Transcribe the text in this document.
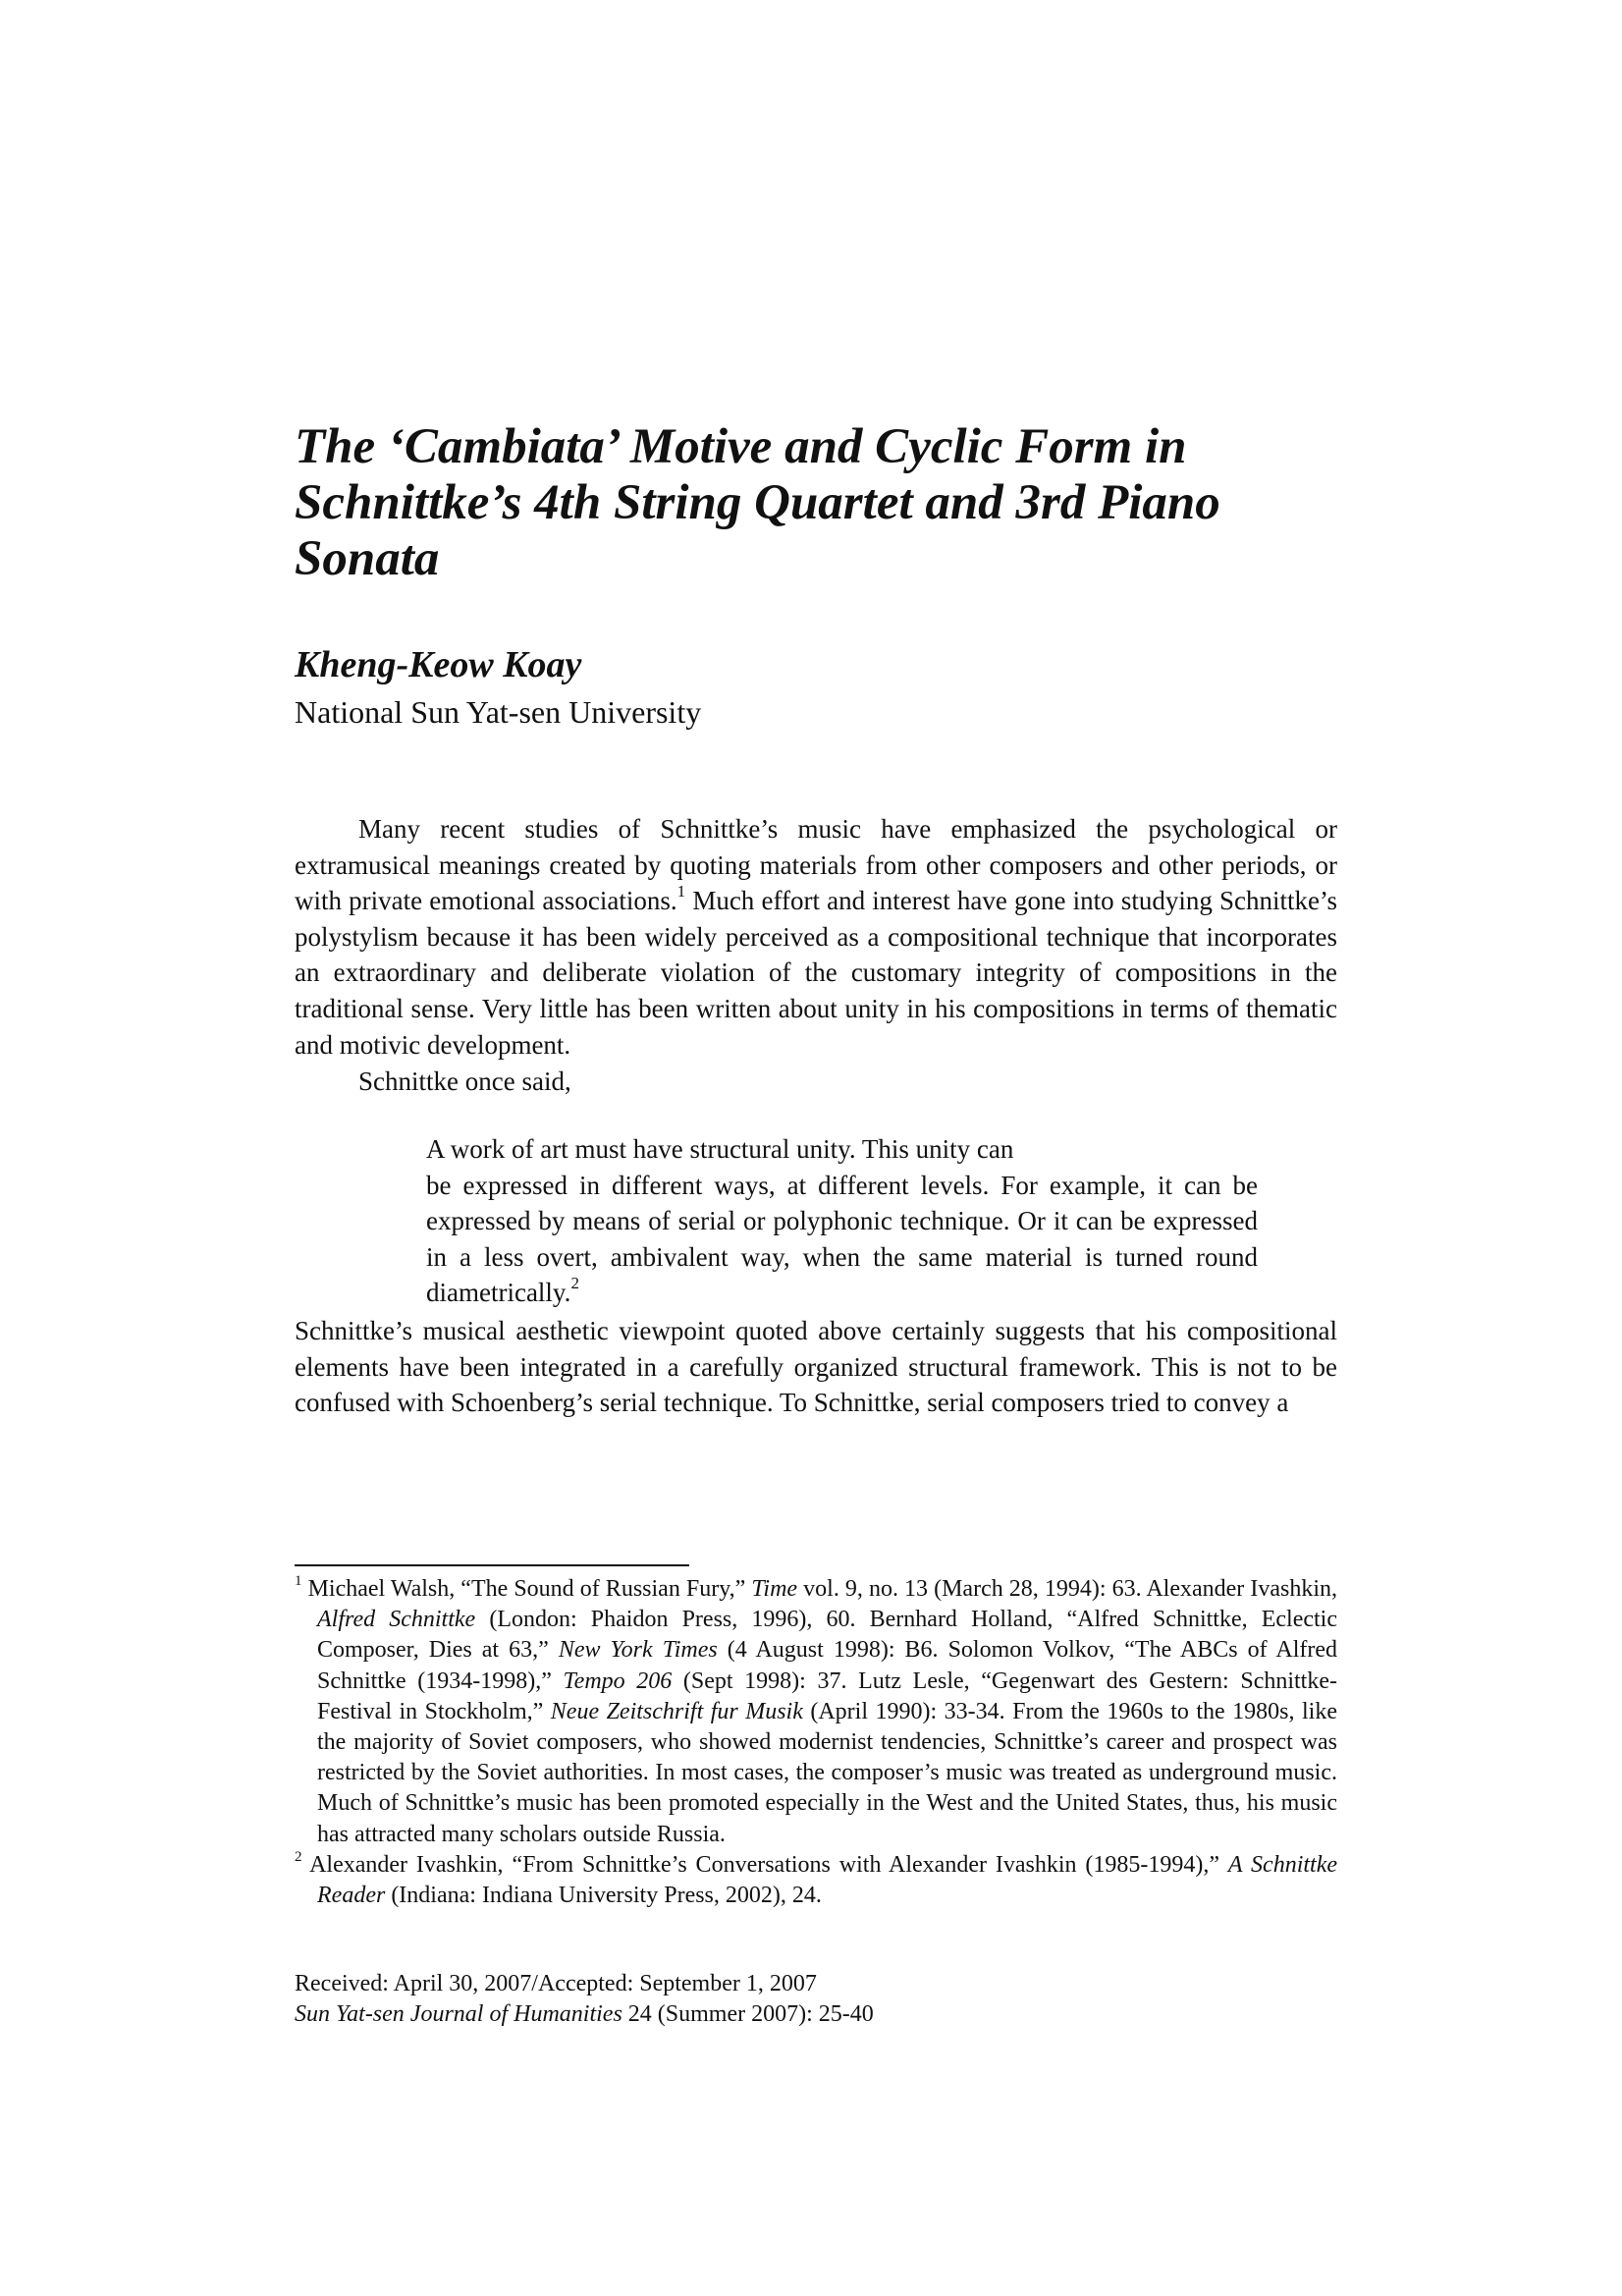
The ‘Cambiata’ Motive and Cyclic Form in
Schnittke’s 4th String Quartet and 3rd Piano
Sonata

Kheng-Keow Koay

National Sun Yat-sen University

Many recent studies of Schnittke’s music have emphasized the psychological or extramusical meanings created by quoting materials from other composers and other periods, or with private emotional associations.$^1$ Much effort and interest have gone into studying Schnittke’s polystylism because it has been widely perceived as a compositional technique that incorporates an extraordinary and deliberate violation of the customary integrity of compositions in the traditional sense. Very little has been written about unity in his compositions in terms of thematic and motivic development.

Schnittke once said,

A work of art must have structural unity. This unity can
be expressed in different ways, at different levels. For example, it can be expressed by means of serial or polyphonic technique. Or it can be expressed in a less overt, ambivalent way, when the same material is turned round diametrically.$^2$

Schnittke’s musical aesthetic viewpoint quoted above certainly suggests that his compositional elements have been integrated in a carefully organized structural framework. This is not to be confused with Schoenberg’s serial technique. To Schnittke, serial composers tried to convey a

$^1$ Michael Walsh, “The Sound of Russian Fury,” Time vol. 9, no. 13 (March 28, 1994): 63. Alexander Ivashkin, Alfred Schnittke (London: Phaidon Press, 1996), 60. Bernhard Holland, “Alfred Schnittke, Eclectic Composer, Dies at 63,” New York Times (4 August 1998): B6. Solomon Volkov, “The ABCs of Alfred Schnittke (1934-1998),” Tempo 206 (Sept 1998): 37. Lutz Lesle, “Gegenwart des Gestern: Schnittke-Festival in Stockholm,” Neue Zeitschrift fur Musik (April 1990): 33-34. From the 1960s to the 1980s, like the majority of Soviet composers, who showed modernist tendencies, Schnittke’s career and prospect was restricted by the Soviet authorities. In most cases, the composer’s music was treated as underground music. Much of Schnittke’s music has been promoted especially in the West and the United States, thus, his music has attracted many scholars outside Russia.

$^2$ Alexander Ivashkin, “From Schnittke’s Conversations with Alexander Ivashkin (1985-1994),” A Schnittke Reader (Indiana: Indiana University Press, 2002), 24.

Received: April 30, 2007/Accepted: September 1, 2007

Sun Yat-sen Journal of Humanities 24 (Summer 2007): 25-40
